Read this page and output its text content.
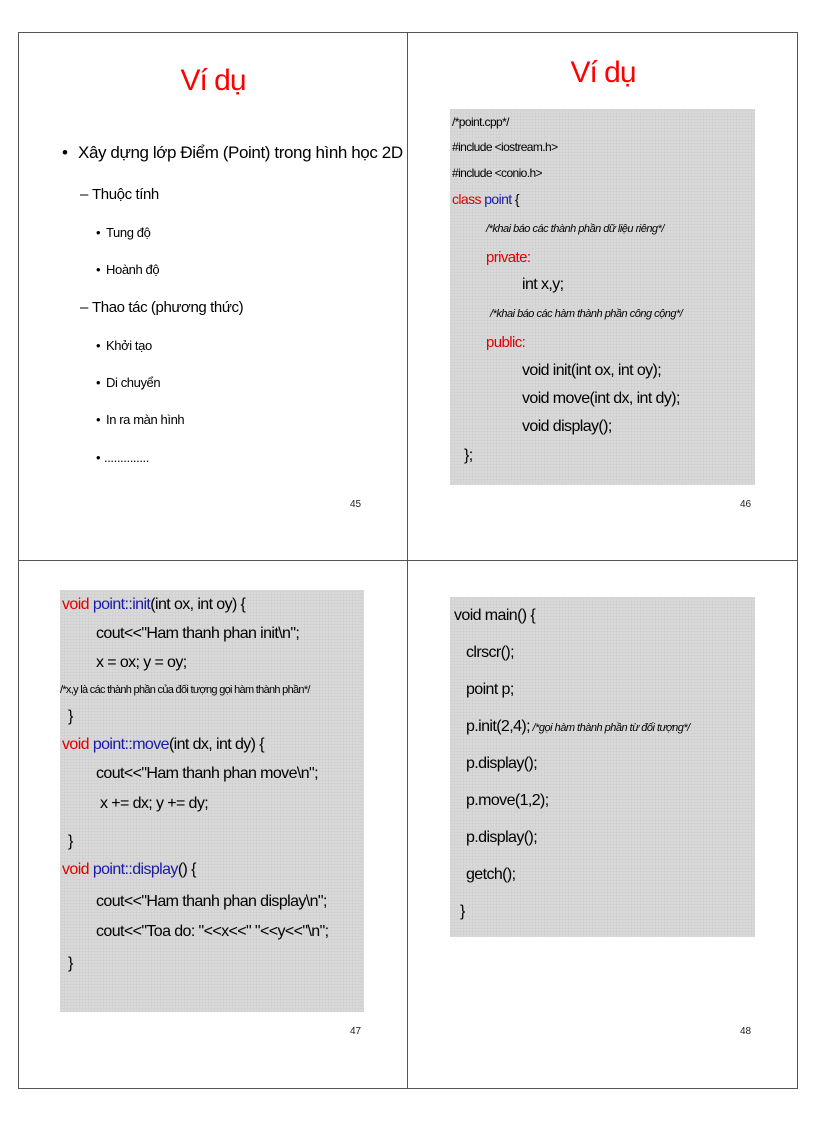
Ví dụ
• Xây dựng lớp Điểm (Point) trong hình học 2D
– Thuộc tính
• Tung độ
• Hoành độ
– Thao tác (phương thức)
• Khởi tạo
• Di chuyển
• In ra màn hình
• ..............
45
Ví dụ
/*point.cpp*/
#include <iostream.h>
#include <conio.h>
class point {
/*khai báo các thành phần dữ liệu riêng*/
private:
int x,y;
/*khai báo các hàm thành phần công cộng*/
public:
void init(int ox, int oy);
void move(int dx, int dy);
void display();
};
46
void point::init(int ox, int oy) {
cout<<"Ham thanh phan init\n";
x = ox; y = oy;
/*x,y là các thành phần của đối tượng gọi hàm thành phần*/
}
void point::move(int dx, int dy) {
cout<<"Ham thanh phan move\n";
x += dx; y += dy;
}
void point::display() {
cout<<"Ham thanh phan display\n";
cout<<"Toa do: "<<x<<" "<<y<<"\n";
}
47
void main() {
clrscr();
point p;
p.init(2,4); /*gọi hàm thành phần từ đối tượng*/
p.display();
p.move(1,2);
p.display();
getch();
}
48
